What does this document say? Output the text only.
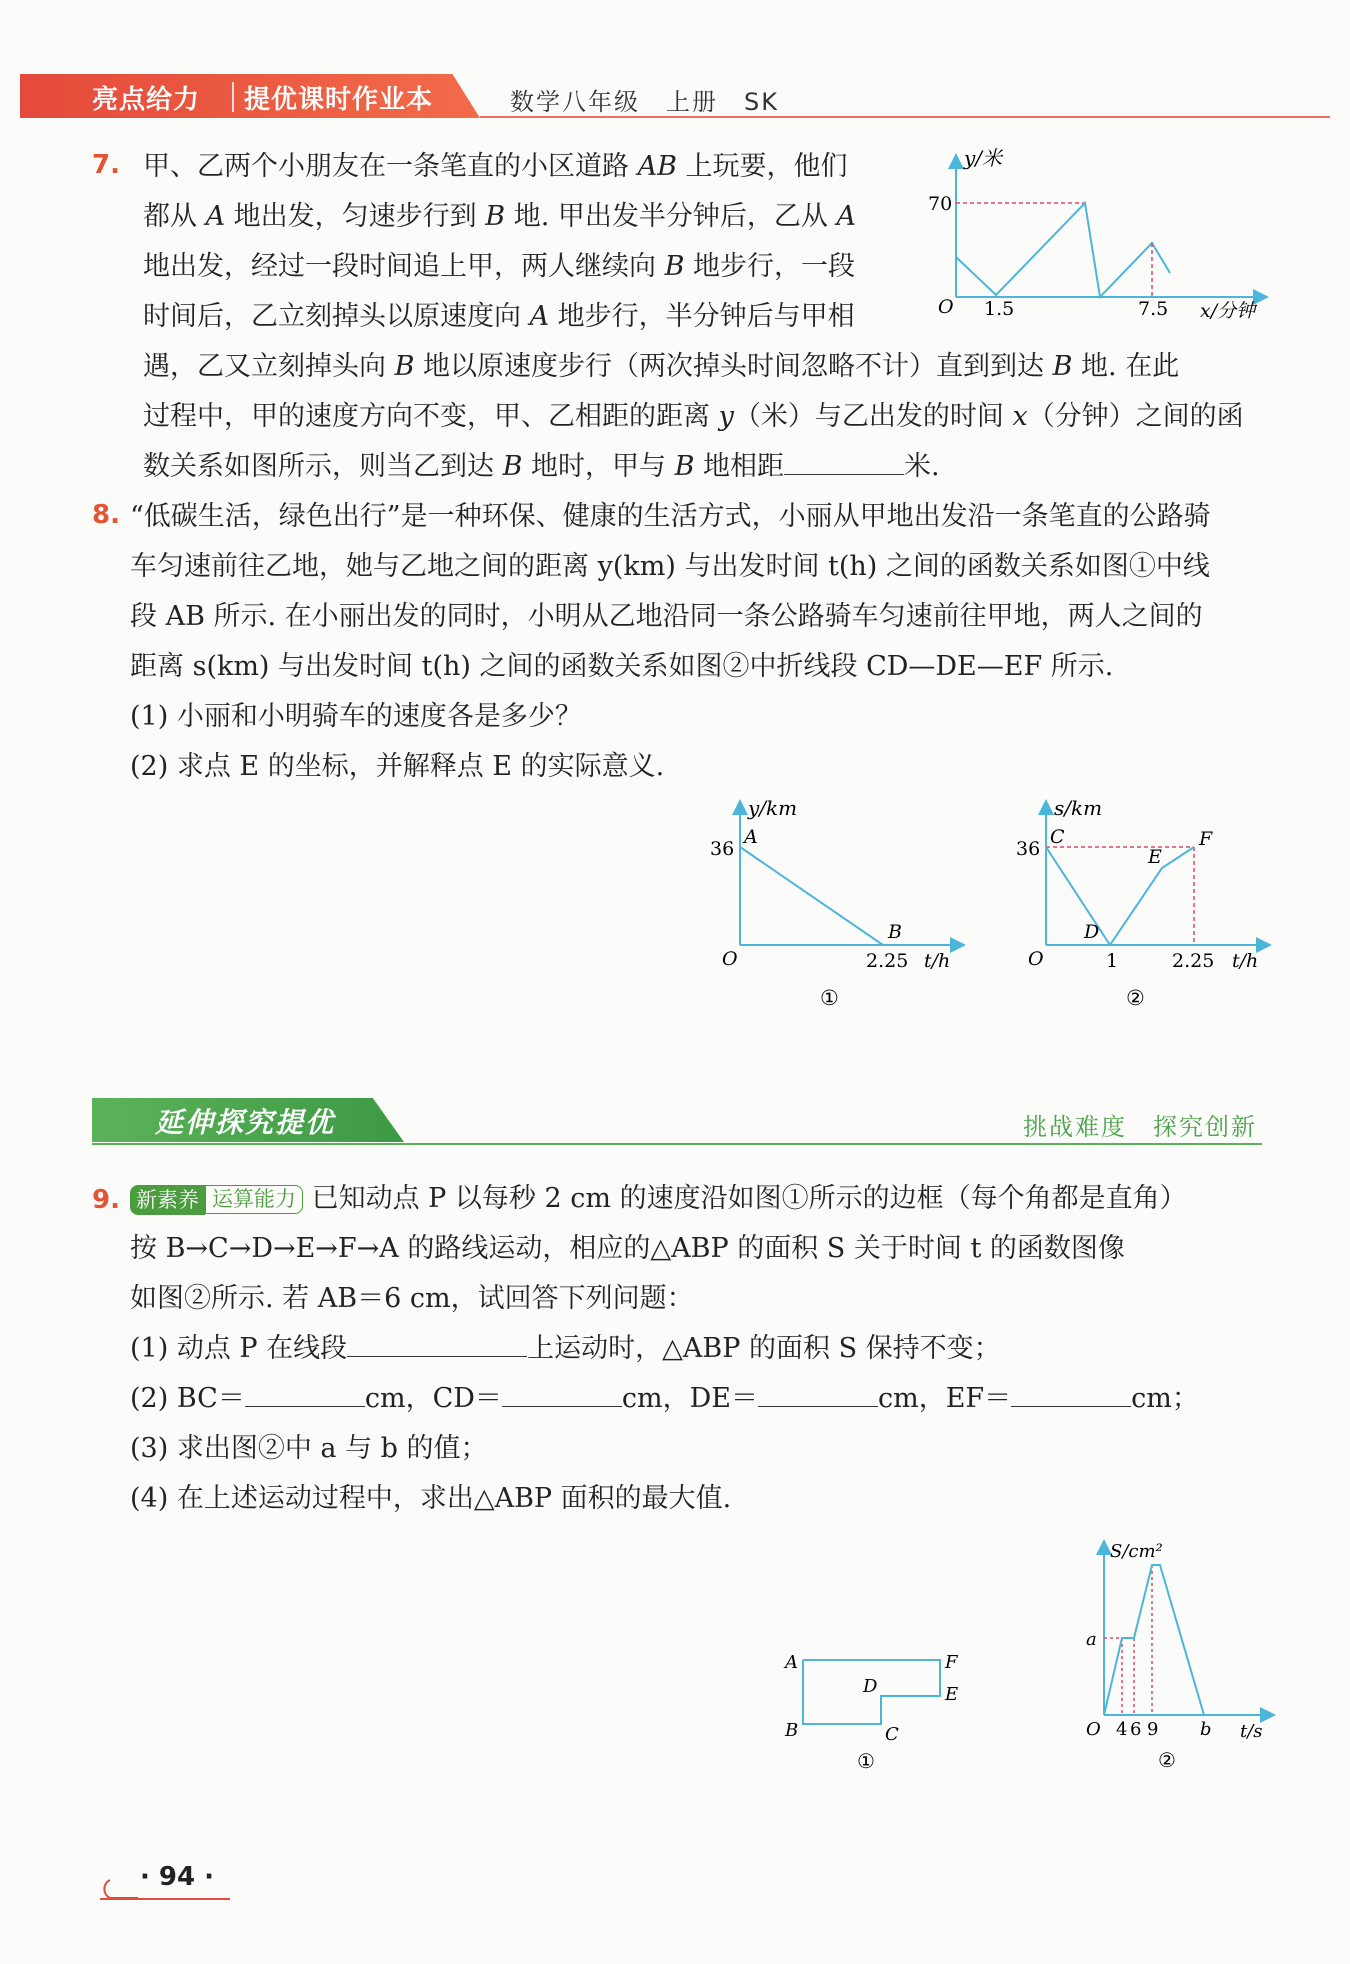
亮点给力 提优课时作业本	数学八年级　上册　SK
7. 甲、乙两个小朋友在一条笔直的小区道路 AB 上玩要，他们
都从 A 地出发，匀速步行到 B 地. 甲出发半分钟后，乙从 A
地出发，经过一段时间追上甲，两人继续向 B 地步行，一段
时间后，乙立刻掉头以原速度向 A 地步行，半分钟后与甲相
遇，乙又立刻掉头向 B 地以原速度步行（两次掉头时间忽略不计）直到到达 B 地. 在此
过程中，甲的速度方向不变，甲、乙相距的距离 y（米）与乙出发的时间 x（分钟）之间的函
数关系如图所示，则当乙到达 B 地时，甲与 B 地相距	米.
y/米
70
O 1.5	7.5 x/分钟
8. “低碳生活，绿色出行”是一种环保、健康的生活方式，小丽从甲地出发沿一条笔直的公路骑
车匀速前往乙地，她与乙地之间的距离 y(km) 与出发时间 t(h) 之间的函数关系如图①中线
段 AB 所示. 在小丽出发的同时，小明从乙地沿同一条公路骑车匀速前往甲地，两人之间的
距离 s(km) 与出发时间 t(h) 之间的函数关系如图②中折线段 CD—DE—EF 所示.
(1) 小丽和小明骑车的速度各是多少？
(2) 求点 E 的坐标，并解释点 E 的实际意义.
y/km
36
A
B
O	2.25 t/h
①
s/km
36
C
D
E
F
O	1	2.25 t/h
②
延伸探究提优	挑战难度　探究创新
9. 新素养 运算能力 已知动点 P 以每秒 2 cm 的速度沿如图①所示的边框（每个角都是直角）
按 B→C→D→E→F→A 的路线运动，相应的△ABP 的面积 S 关于时间 t 的函数图像
如图②所示. 若 AB＝6 cm，试回答下列问题：
(1) 动点 P 在线段	上运动时，△ABP 的面积 S 保持不变；
(2) BC＝	cm，CD＝	cm，DE＝	cm，EF＝	cm；
(3) 求出图②中 a 与 b 的值；
(4) 在上述运动过程中，求出△ABP 面积的最大值.
A
B	C
D	E
F
①
S/cm²
a
O 4 6 9 b t/s
②
· 94 ·
